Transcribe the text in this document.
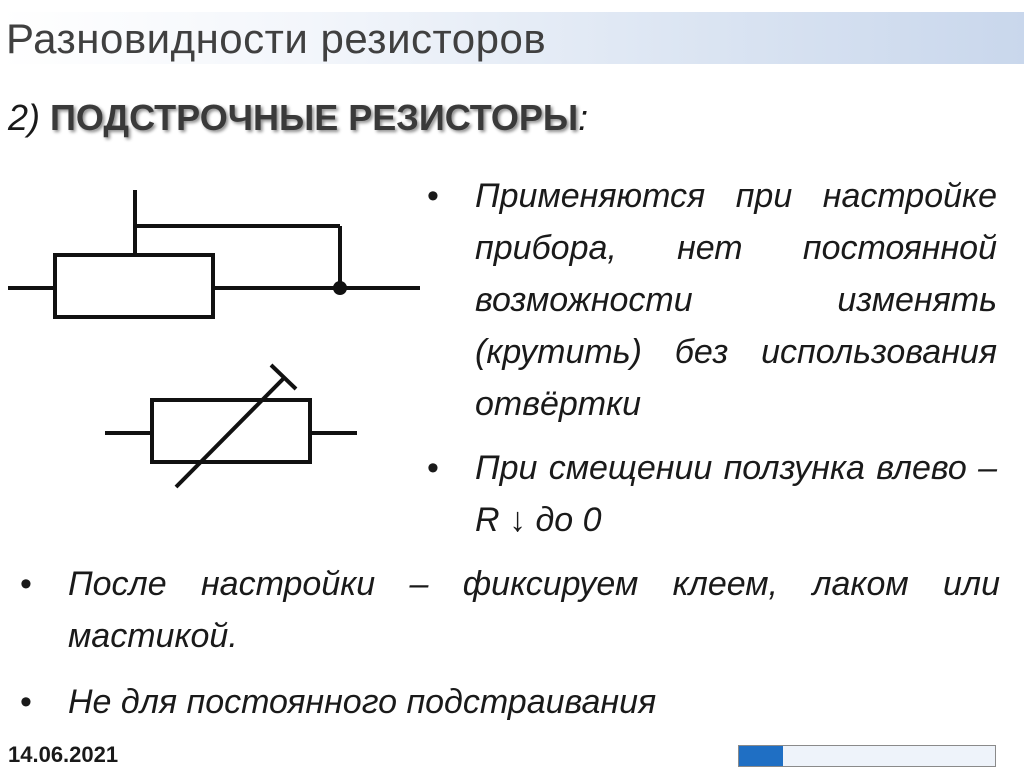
Разновидности резисторов
2) ПОДСТРОЧНЫЕ РЕЗИСТОРЫ:
• Применяются при настройке прибора, нет постоянной возможности изменять (крутить) без использования отвёртки
• При смещении ползунка влево – R ↓ до 0
• После настройки – фиксируем клеем, лаком или мастикой.
• Не для постоянного подстраивания
14.06.2021
